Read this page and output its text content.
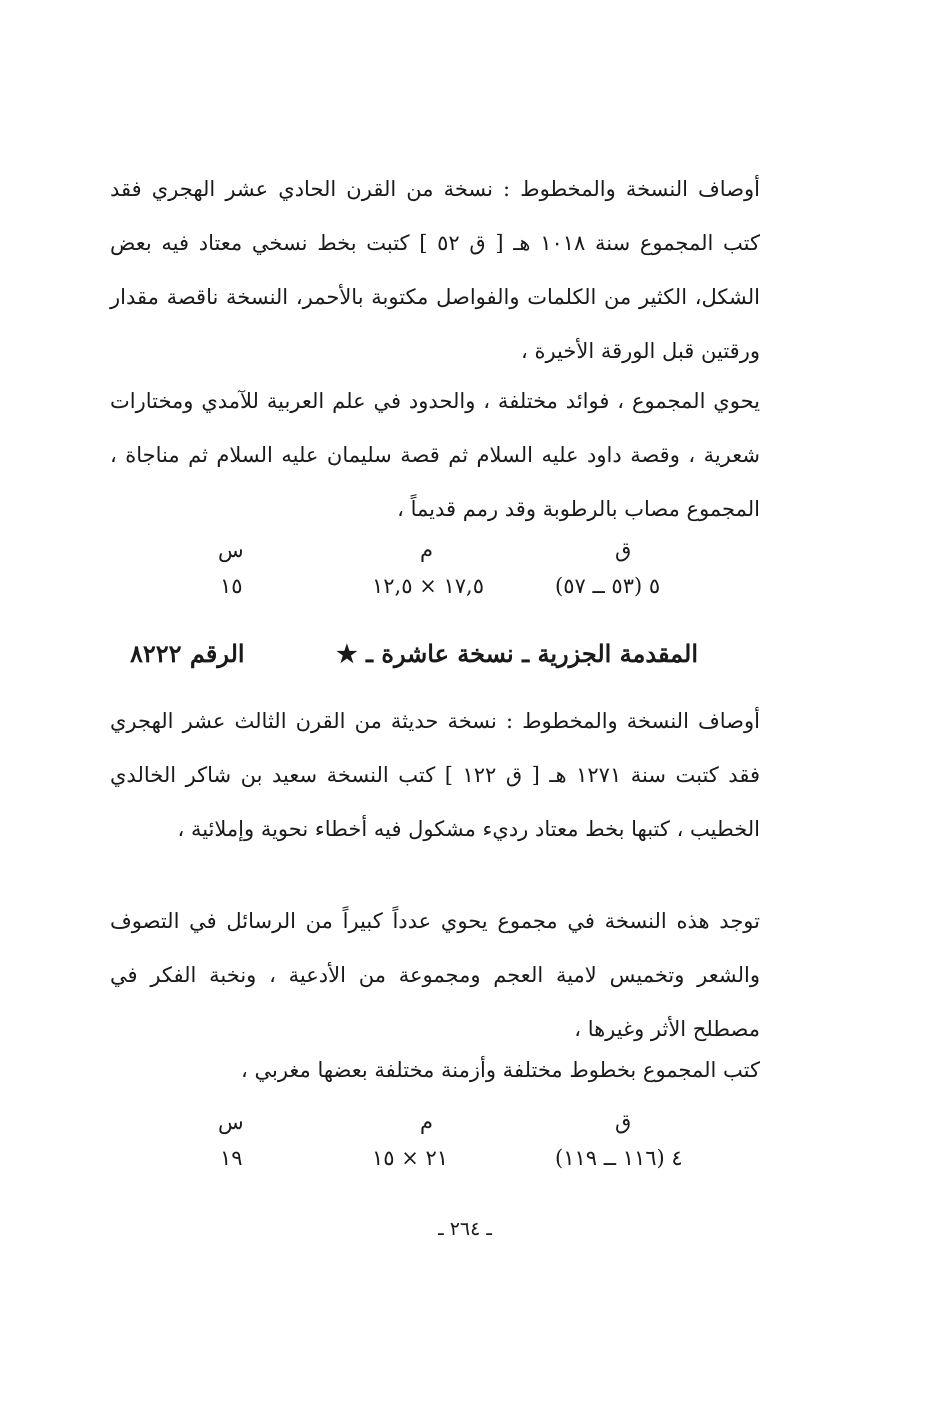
أوصاف النسخة والمخطوط : نسخة من القرن الحادي عشر الهجري فقد كتب المجموع سنة ١٠١٨ هـ [ ق ٥٢ ] كتبت بخط نسخي معتاد فيه بعض الشكل، الكثير من الكلمات والفواصل مكتوبة بالأحمر، النسخة ناقصة مقدار ورقتين قبل الورقة الأخيرة ،

يحوي المجموع ، فوائد مختلفة ، والحدود في علم العربية للآمدي ومختارات شعرية ، وقصة داود عليه السلام ثم قصة سليمان عليه السلام ثم مناجاة ، المجموع مصاب بالرطوبة وقد رمم قديماً ،

ق
م
س
٥ (٥٣ ــ ٥٧)
١٧,٥ × ١٢,٥
١٥
المقدمة الجزرية ـ نسخة عاشرة ـ ★
الرقم ٨٢٢٢

أوصاف النسخة والمخطوط : نسخة حديثة من القرن الثالث عشر الهجري فقد كتبت سنة ١٢٧١ هـ [ ق ١٢٢ ] كتب النسخة سعيد بن شاكر الخالدي الخطيب ، كتبها بخط معتاد رديء مشكول فيه أخطاء نحوية وإملائية ،

توجد هذه النسخة في مجموع يحوي عدداً كبيراً من الرسائل في التصوف والشعر وتخميس لامية العجم ومجموعة من الأدعية ، ونخبة الفكر في مصطلح الأثر وغيرها ،

كتب المجموع بخطوط مختلفة وأزمنة مختلفة بعضها مغربي ،

ق
م
س
٤ (١١٦ ــ ١١٩)
٢١ × ١٥
١٩
ـ ٢٦٤ ـ
